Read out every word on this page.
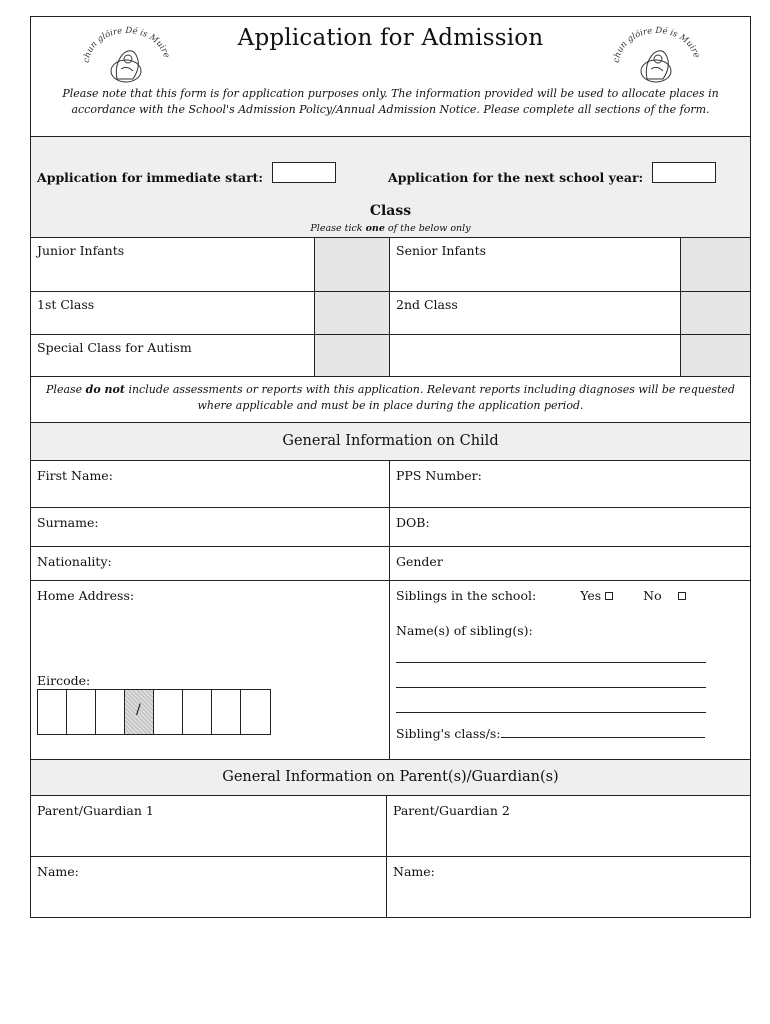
chun glóire Dé is Muire
Application for Admission
chun glóire Dé is Muire
Please note that this form is for application purposes only. The information provided will be used to allocate places in accordance with the School's Admission Policy/Annual Admission Notice. Please complete all sections of the form.
Application for immediate start:	Application for the next school year:
Class
Please tick one of the below only
Junior Infants	Senior Infants
1st Class	2nd Class
Special Class for Autism
Please do not include assessments or reports with this application. Relevant reports including diagnoses will be requested where applicable and must be in place during the application period.
General Information on Child
First Name:	PPS Number:
Surname:	DOB:
Nationality:	Gender
Home Address:
Eircode:
/
Siblings in the school:	Yes	No
Name(s) of sibling(s):
Sibling's class/s:
General Information on Parent(s)/Guardian(s)
Parent/Guardian 1	Parent/Guardian 2
Name:	Name:
